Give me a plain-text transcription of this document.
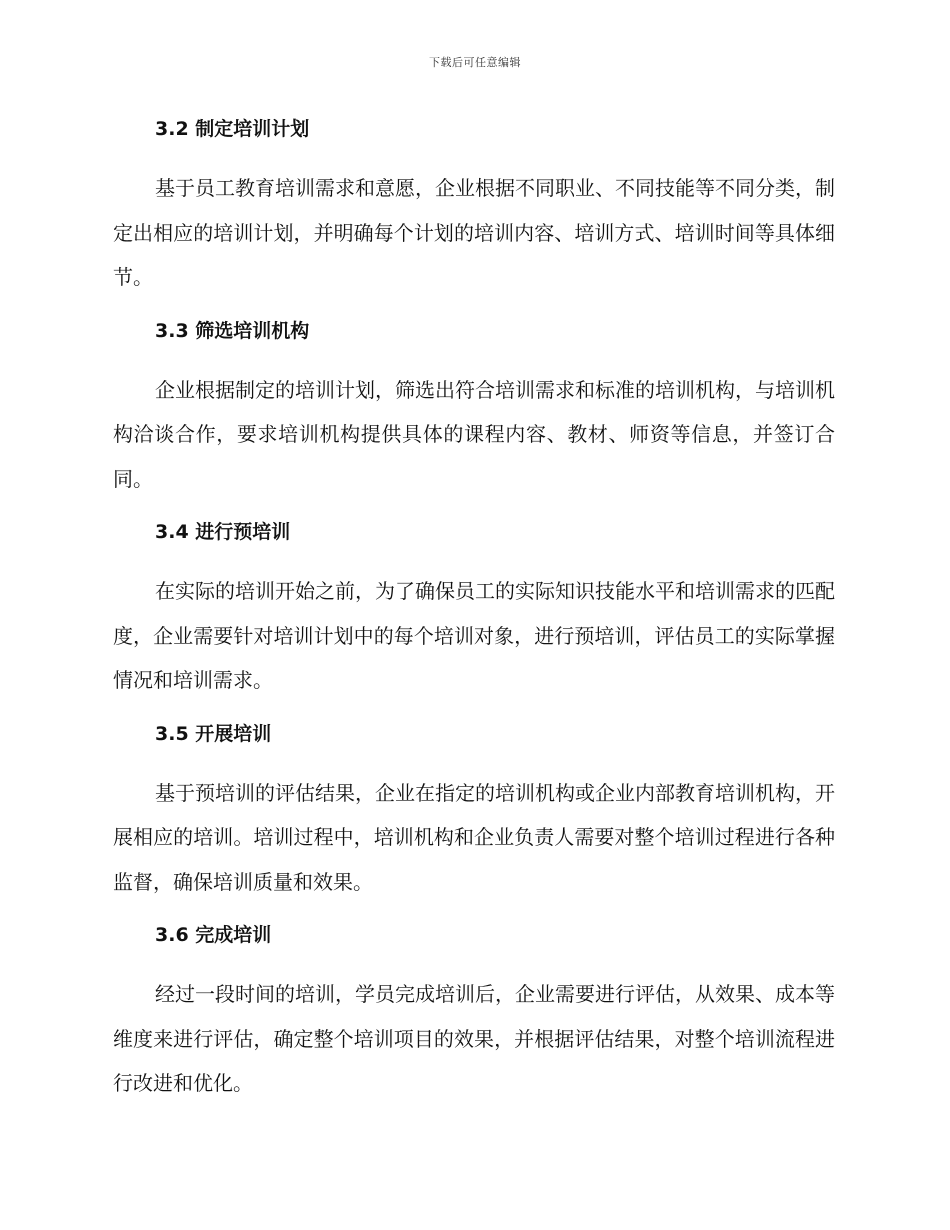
下载后可任意编辑
3.2 制定培训计划

基于员工教育培训需求和意愿，企业根据不同职业、不同技能等不同分类，制定出相应的培训计划，并明确每个计划的培训内容、培训方式、培训时间等具体细节。

3.3 筛选培训机构

企业根据制定的培训计划，筛选出符合培训需求和标准的培训机构，与培训机构洽谈合作，要求培训机构提供具体的课程内容、教材、师资等信息，并签订合同。

3.4 进行预培训

在实际的培训开始之前，为了确保员工的实际知识技能水平和培训需求的匹配度，企业需要针对培训计划中的每个培训对象，进行预培训，评估员工的实际掌握情况和培训需求。

3.5 开展培训

基于预培训的评估结果，企业在指定的培训机构或企业内部教育培训机构，开展相应的培训。培训过程中，培训机构和企业负责人需要对整个培训过程进行各种监督，确保培训质量和效果。

3.6 完成培训

经过一段时间的培训，学员完成培训后，企业需要进行评估，从效果、成本等维度来进行评估，确定整个培训项目的效果，并根据评估结果，对整个培训流程进行改进和优化。
